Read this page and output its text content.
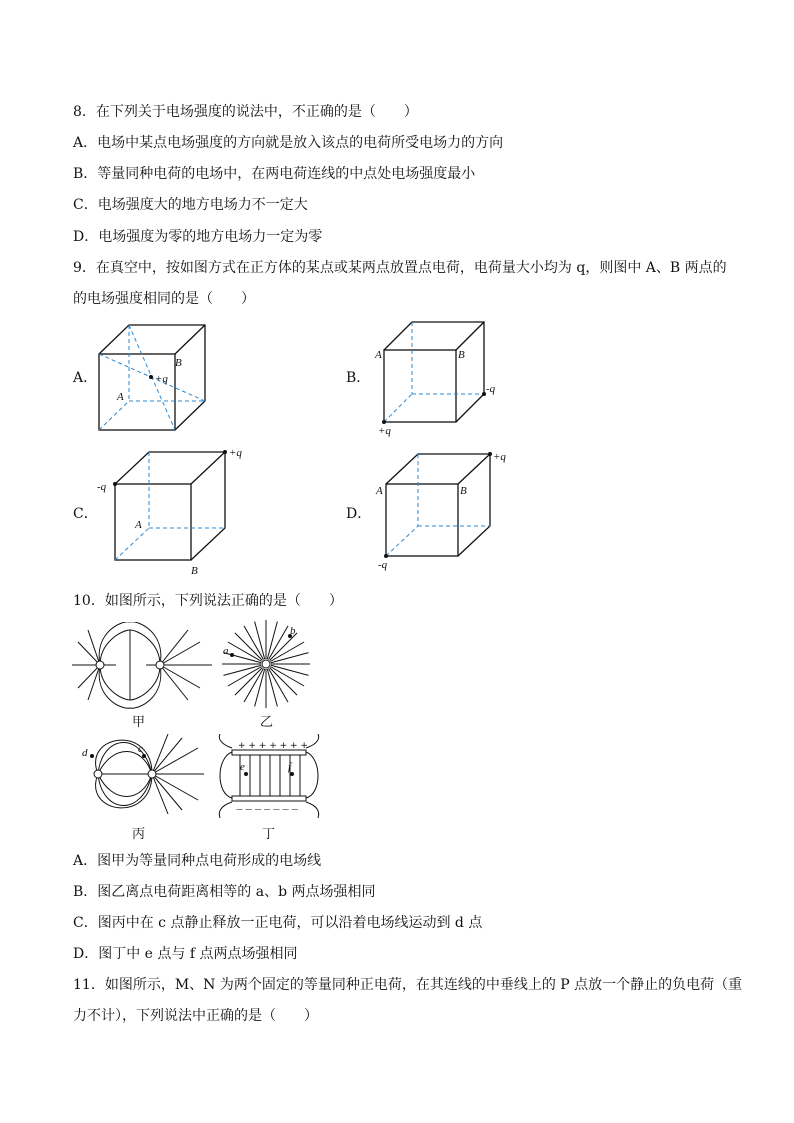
8．在下列关于电场强度的说法中，不正确的是（　　）
A．电场中某点电场强度的方向就是放入该点的电荷所受电场力的方向
B．等量同种电荷的电场中，在两电荷连线的中点处电场强度最小
C．电场强度大的地方电场力不一定大
D．电场强度为零的地方电场力一定为零
9．在真空中，按如图方式在正方体的某点或某两点放置点电荷，电荷量大小均为 q，则图中 A、B 两点的
的电场强度相同的是（　　）
A．	B．
C．	D．
+q
B
A
A	B
-q
+q
+q
-q
A
B
+q
A	B
-q
10．如图所示，下列说法正确的是（　　）
甲
a
b
乙
d	c
丙
+ + + + + + +
— — — — — — —
e	f
丁
A．图甲为等量同种点电荷形成的电场线
B．图乙离点电荷距离相等的 a、b 两点场强相同
C．图丙中在 c 点静止释放一正电荷，可以沿着电场线运动到 d 点
D．图丁中 e 点与 f 点两点场强相同
11．如图所示，M、N 为两个固定的等量同种正电荷，在其连线的中垂线上的 P 点放一个静止的负电荷（重
力不计），下列说法中正确的是（　　）
